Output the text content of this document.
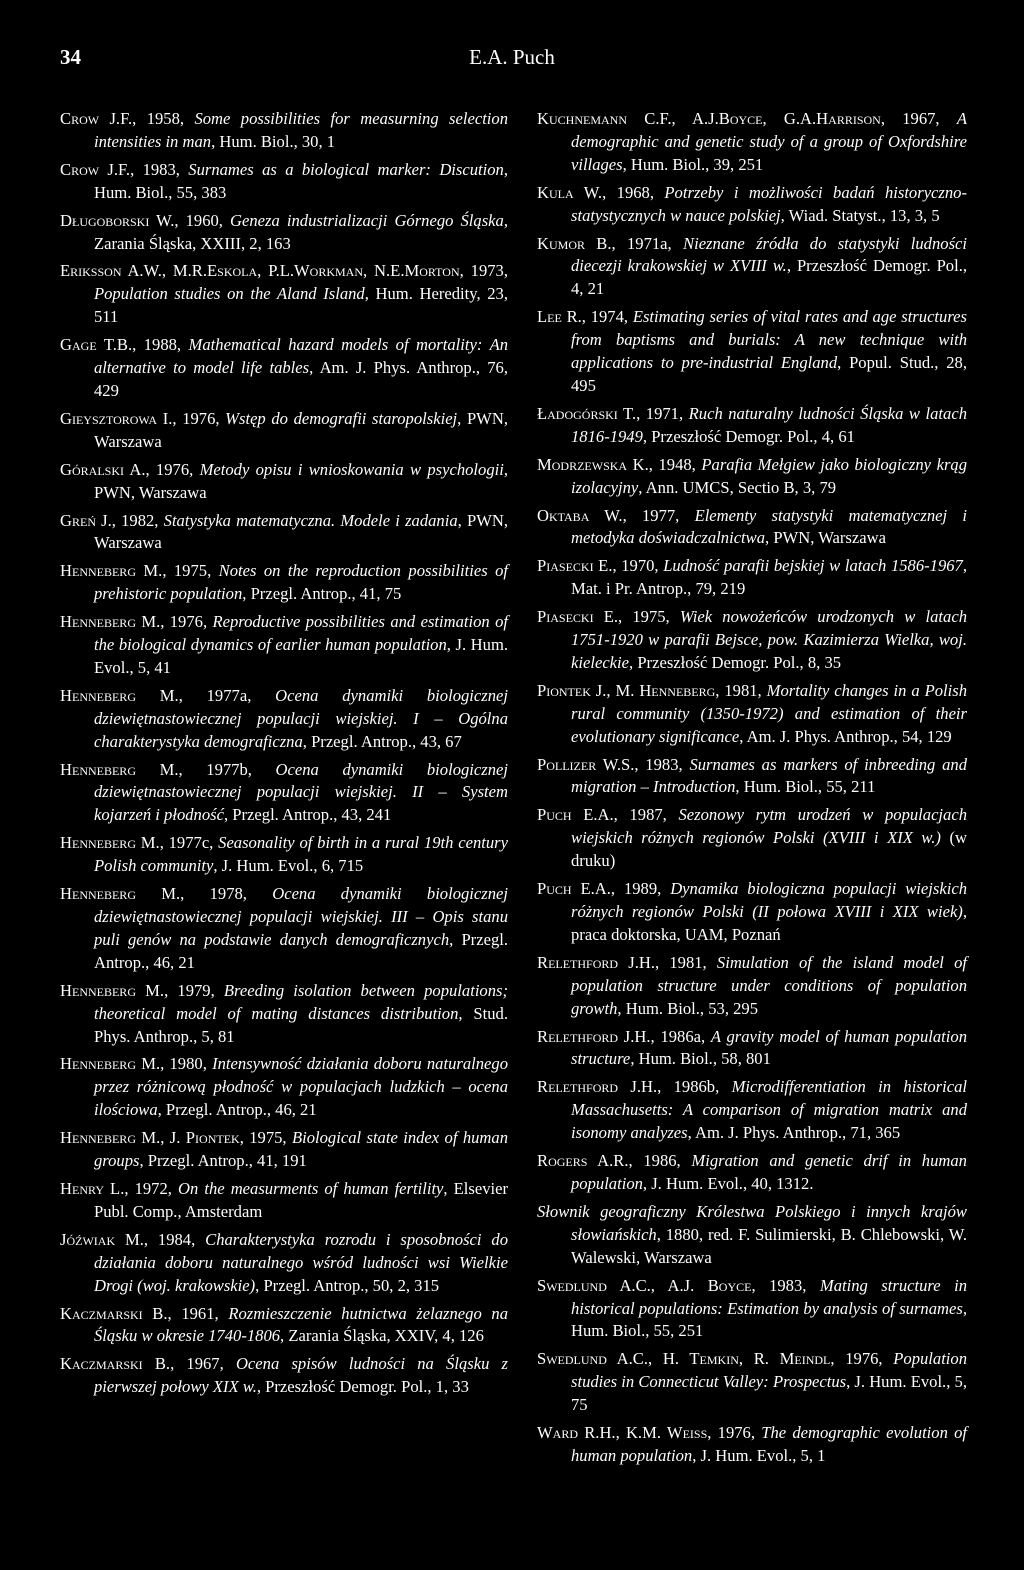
34	E.A. Puch

Crow J.F., 1958, Some possibilities for measurning selection intensities in man, Hum. Biol., 30, 1

Crow J.F., 1983, Surnames as a biological marker: Discution, Hum. Biol., 55, 383

Długoborski W., 1960, Geneza industrializacji Górnego Śląska, Zarania Śląska, XXIII, 2, 163

Eriksson A.W., M.R.Eskola, P.L.Workman, N.E.Morton, 1973, Population studies on the Aland Island, Hum. Heredity, 23, 511

Gage T.B., 1988, Mathematical hazard models of mortality: An alternative to model life tables, Am. J. Phys. Anthrop., 76, 429

Gieysztorowa I., 1976, Wstęp do demografii staropolskiej, PWN, Warszawa

Góralski A., 1976, Metody opisu i wnioskowania w psychologii, PWN, Warszawa

Greń J., 1982, Statystyka matematyczna. Modele i zadania, PWN, Warszawa

Henneberg M., 1975, Notes on the reproduction possibilities of prehistoric population, Przegl. Antrop., 41, 75

Henneberg M., 1976, Reproductive possibilities and estimation of the biological dynamics of earlier human population, J. Hum. Evol., 5, 41

Henneberg M., 1977a, Ocena dynamiki biologicznej dziewiętnastowiecznej populacji wiejskiej. I – Ogólna charakterystyka demograficzna, Przegl. Antrop., 43, 67

Henneberg M., 1977b, Ocena dynamiki biologicznej dziewiętnastowiecznej populacji wiejskiej. II – System kojarzeń i płodność, Przegl. Antrop., 43, 241

Henneberg M., 1977c, Seasonality of birth in a rural 19th century Polish community, J. Hum. Evol., 6, 715

Henneberg M., 1978, Ocena dynamiki biologicznej dziewiętnastowiecznej populacji wiejskiej. III – Opis stanu puli genów na podstawie danych demograficznych, Przegl. Antrop., 46, 21

Henneberg M., 1979, Breeding isolation between populations; theoretical model of mating distances distribution, Stud. Phys. Anthrop., 5, 81

Henneberg M., 1980, Intensywność działania doboru naturalnego przez różnicową płodność w populacjach ludzkich – ocena ilościowa, Przegl. Antrop., 46, 21

Henneberg M., J. Piontek, 1975, Biological state index of human groups, Przegl. Antrop., 41, 191

Henry L., 1972, On the measurments of human fertility, Elsevier Publ. Comp., Amsterdam

Jóźwiak M., 1984, Charakterystyka rozrodu i sposobności do działania doboru naturalnego wśród ludności wsi Wielkie Drogi (woj. krakowskie), Przegl. Antrop., 50, 2, 315

Kaczmarski B., 1961, Rozmieszczenie hutnictwa żelaznego na Śląsku w okresie 1740-1806, Zarania Śląska, XXIV, 4, 126

Kaczmarski B., 1967, Ocena spisów ludności na Śląsku z pierwszej połowy XIX w., Przeszłość Demogr. Pol., 1, 33

Kuchnemann C.F., A.J.Boyce, G.A.Harrison, 1967, A demographic and genetic study of a group of Oxfordshire villages, Hum. Biol., 39, 251

Kula W., 1968, Potrzeby i możliwości badań historyczno-statystycznych w nauce polskiej, Wiad. Statyst., 13, 3, 5

Kumor B., 1971a, Nieznane źródła do statystyki ludności diecezji krakowskiej w XVIII w., Przeszłość Demogr. Pol., 4, 21

Lee R., 1974, Estimating series of vital rates and age structures from baptisms and burials: A new technique with applications to pre-industrial England, Popul. Stud., 28, 495

Ładogórski T., 1971, Ruch naturalny ludności Śląska w latach 1816-1949, Przeszłość Demogr. Pol., 4, 61

Modrzewska K., 1948, Parafia Mełgiew jako biologiczny krąg izolacyjny, Ann. UMCS, Sectio B, 3, 79

Oktaba W., 1977, Elementy statystyki matematycznej i metodyka doświadczalnictwa, PWN, Warszawa

Piasecki E., 1970, Ludność parafii bejskiej w latach 1586-1967, Mat. i Pr. Antrop., 79, 219

Piasecki E., 1975, Wiek nowożeńców urodzonych w latach 1751-1920 w parafii Bejsce, pow. Kazimierza Wielka, woj. kieleckie, Przeszłość Demogr. Pol., 8, 35

Piontek J., M. Henneberg, 1981, Mortality changes in a Polish rural community (1350-1972) and estimation of their evolutionary significance, Am. J. Phys. Anthrop., 54, 129

Pollizer W.S., 1983, Surnames as markers of inbreeding and migration – Introduction, Hum. Biol., 55, 211

Puch E.A., 1987, Sezonowy rytm urodzeń w populacjach wiejskich różnych regionów Polski (XVIII i XIX w.) (w druku)

Puch E.A., 1989, Dynamika biologiczna populacji wiejskich różnych regionów Polski (II połowa XVIII i XIX wiek), praca doktorska, UAM, Poznań

Relethford J.H., 1981, Simulation of the island model of population structure under conditions of population growth, Hum. Biol., 53, 295

Relethford J.H., 1986a, A gravity model of human population structure, Hum. Biol., 58, 801

Relethford J.H., 1986b, Microdifferentiation in historical Massachusetts: A comparison of migration matrix and isonomy analyzes, Am. J. Phys. Anthrop., 71, 365

Rogers A.R., 1986, Migration and genetic drif in human population, J. Hum. Evol., 40, 1312.

Słownik geograficzny Królestwa Polskiego i innych krajów słowiańskich, 1880, red. F. Sulimierski, B. Chlebowski, W. Walewski, Warszawa

Swedlund A.C., A.J. Boyce, 1983, Mating structure in historical populations: Estimation by analysis of surnames, Hum. Biol., 55, 251

Swedlund A.C., H. Temkin, R. Meindl, 1976, Population studies in Connecticut Valley: Prospectus, J. Hum. Evol., 5, 75

Ward R.H., K.M. Weiss, 1976, The demographic evolution of human population, J. Hum. Evol., 5, 1
